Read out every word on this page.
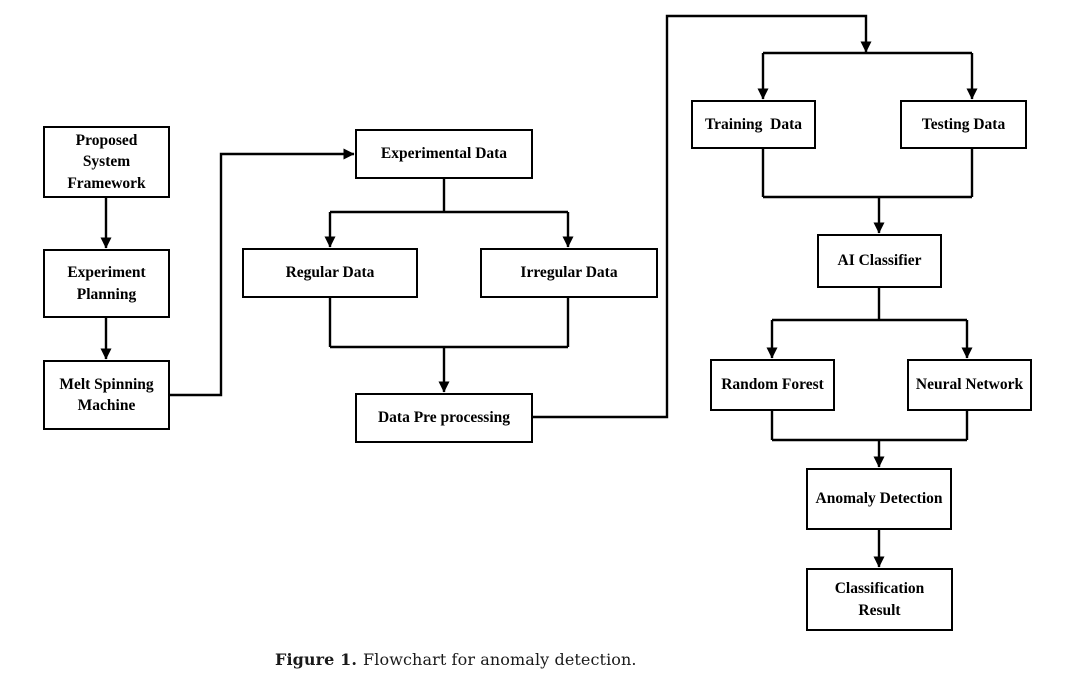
Proposed System Framework
Experiment Planning
Melt Spinning Machine
Experimental Data
Regular Data	Irregular Data
Data Pre processing
Training  Data	Testing Data
AI Classifier
Random Forest	Neural Network
Anomaly Detection
Classification Result
Figure 1. Flowchart for anomaly detection.
